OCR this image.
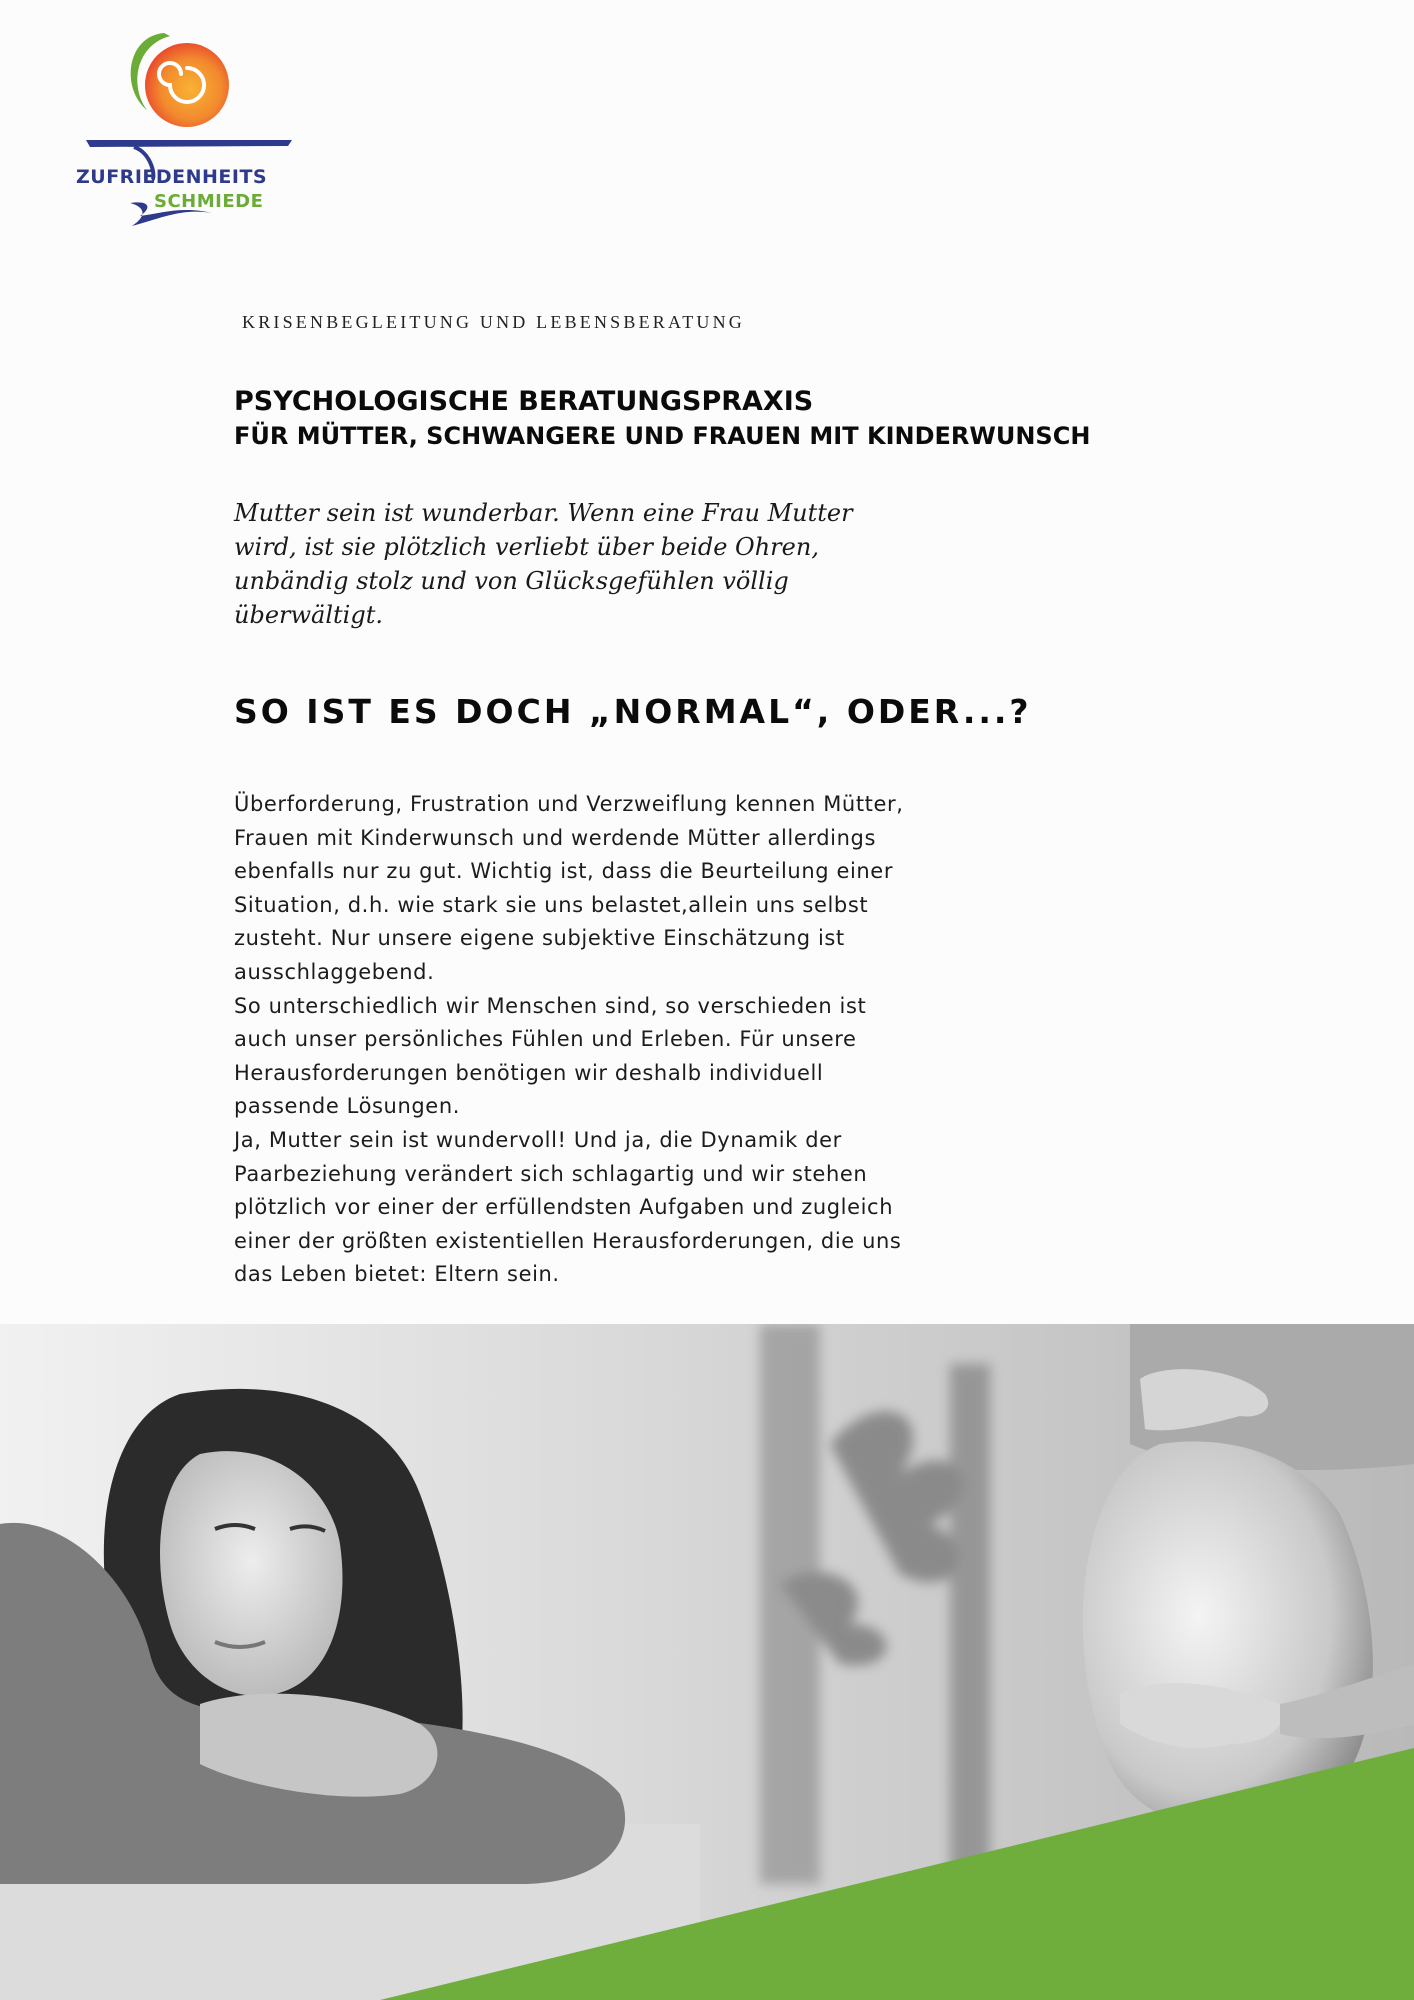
ZUFRIEDENHEITS
SCHMIEDE
KRISENBEGLEITUNG UND LEBENSBERATUNG
PSYCHOLOGISCHE BERATUNGSPRAXIS
FÜR MÜTTER, SCHWANGERE UND FRAUEN MIT KINDERWUNSCH
Mutter sein ist wunderbar. Wenn eine Frau Mutter
wird, ist sie plötzlich verliebt über beide Ohren,
unbändig stolz und von Glücksgefühlen völlig
überwältigt.
SO IST ES DOCH „NORMAL“, ODER...?

Überforderung, Frustration und Verzweiflung kennen Mütter,

Frauen mit Kinderwunsch und werdende Mütter allerdings

ebenfalls nur zu gut. Wichtig ist, dass die Beurteilung einer

Situation, d.h. wie stark sie uns belastet,allein uns selbst

zusteht. Nur unsere eigene subjektive Einschätzung ist

ausschlaggebend.

So unterschiedlich wir Menschen sind, so verschieden ist

auch unser persönliches Fühlen und Erleben. Für unsere

Herausforderungen benötigen wir deshalb individuell

passende Lösungen.

Ja, Mutter sein ist wundervoll! Und ja, die Dynamik der

Paarbeziehung verändert sich schlagartig und wir stehen

plötzlich vor einer der erfüllendsten Aufgaben und zugleich

einer der größten existentiellen Herausforderungen, die uns

das Leben bietet: Eltern sein.
